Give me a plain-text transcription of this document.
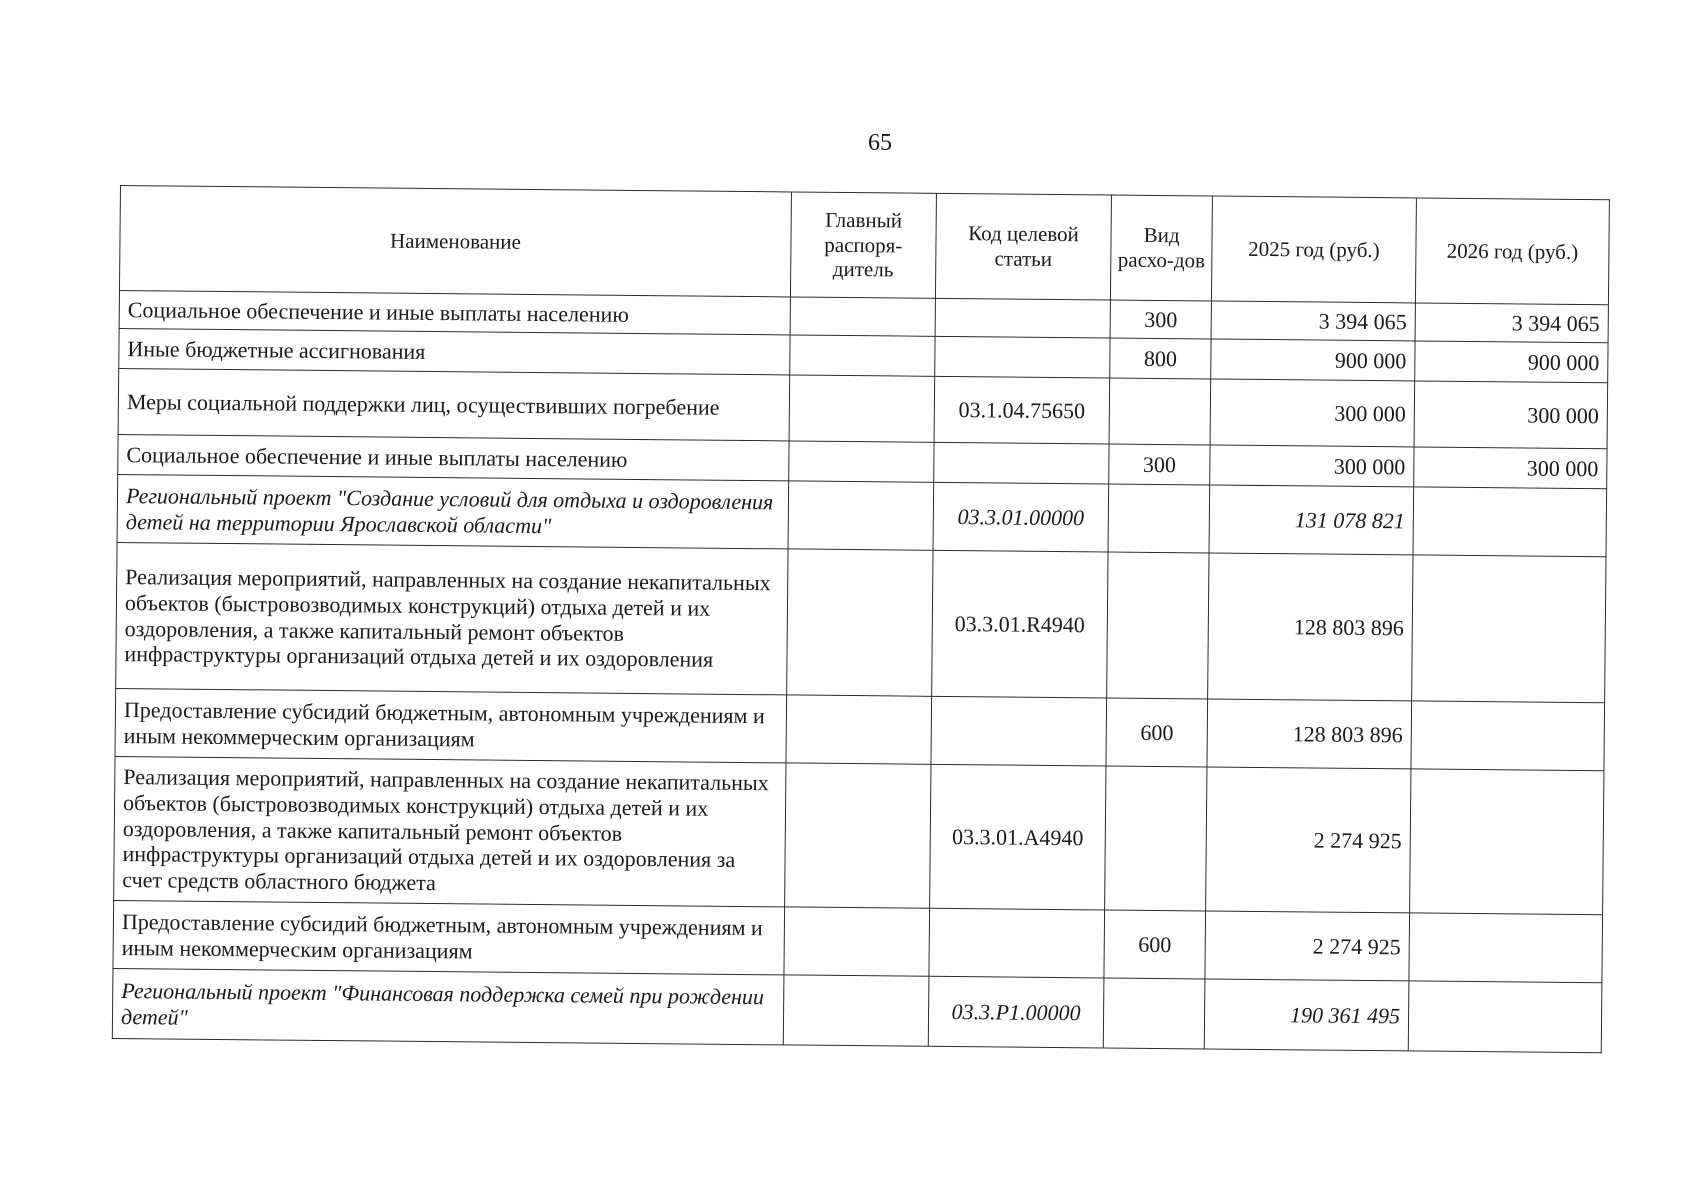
65
Наименование	Главный распоря-дитель	Код целевой статьи	Вид расхо-дов	2025 год (руб.)	2026 год (руб.)
Социальное обеспечение и иные выплаты населению			300	3 394 065	3 394 065
Иные бюджетные ассигнования			800	900 000	900 000
Меры социальной поддержки лиц, осуществивших погребение		03.1.04.75650		300 000	300 000
Социальное обеспечение и иные выплаты населению			300	300 000	300 000
Региональный проект "Создание условий для отдыха и оздоровления детей на территории Ярославской области"		03.3.01.00000		131 078 821	
Реализация мероприятий, направленных на создание некапитальных объектов (быстровозводимых конструкций) отдыха детей и их оздоровления, а также капитальный ремонт объектов инфраструктуры организаций отдыха детей и их оздоровления		03.3.01.R4940		128 803 896	
Предоставление субсидий бюджетным, автономным учреждениям и иным некоммерческим организациям			600	128 803 896	
Реализация мероприятий, направленных на создание некапитальных объектов (быстровозводимых конструкций) отдыха детей и их оздоровления, а также капитальный ремонт объектов инфраструктуры организаций отдыха детей и их оздоровления за счет средств областного бюджета		03.3.01.A4940		2 274 925	
Предоставление субсидий бюджетным, автономным учреждениям и иным некоммерческим организациям			600	2 274 925	
Региональный проект "Финансовая поддержка семей при рождении детей"		03.3.P1.00000		190 361 495	
